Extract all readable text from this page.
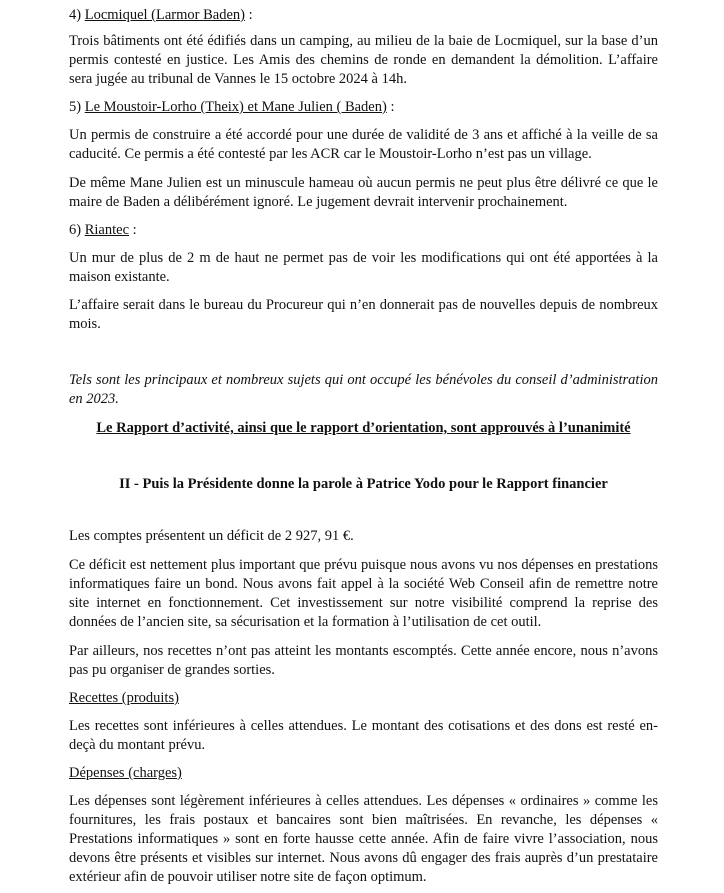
4) Locmiquel (Larmor Baden) :

Trois bâtiments ont été édifiés dans un camping, au milieu de la baie de Locmiquel, sur la base d’un permis contesté en justice. Les Amis des chemins de ronde en demandent la démolition. L’affaire sera jugée au tribunal de Vannes le 15 octobre 2024 à 14h.

5) Le Moustoir-Lorho (Theix) et Mane Julien ( Baden) :

Un permis de construire a été accordé pour une durée de validité de 3 ans et affiché à la veille de sa caducité. Ce permis a été contesté par les ACR car le Moustoir-Lorho n’est pas un village.

De même Mane Julien est un minuscule hameau où aucun permis ne peut plus être délivré ce que le maire de Baden a délibérément ignoré. Le jugement devrait intervenir prochainement.

6) Riantec :

Un mur de plus de 2 m de haut ne permet pas de voir les modifications qui ont été apportées à la maison existante.

L’affaire serait dans le bureau du Procureur qui n’en donnerait pas de nouvelles depuis de nombreux mois.

Tels sont les principaux et nombreux sujets qui ont occupé les bénévoles du conseil d’administration en 2023.

Le Rapport d’activité, ainsi que le rapport d’orientation, sont approuvés à l’unanimité
II - Puis la Présidente donne la parole à Patrice Yodo pour le Rapport financier

Les comptes présentent un déficit de 2 927, 91 €.

Ce déficit est nettement plus important que prévu puisque nous avons vu nos dépenses en prestations informatiques faire un bond. Nous avons fait appel à la société Web Conseil afin de remettre notre site internet en fonctionnement. Cet investissement sur notre visibilité comprend la reprise des données de l’ancien site, sa sécurisation et la formation à l’utilisation de cet outil.

Par ailleurs, nos recettes n’ont pas atteint les montants escomptés. Cette année encore, nous n’avons pas pu organiser de grandes sorties.

Recettes (produits)

Les recettes sont inférieures à celles attendues. Le montant des cotisations et des dons est resté en-deçà du montant prévu.

Dépenses (charges)

Les dépenses sont légèrement inférieures à celles attendues. Les dépenses « ordinaires » comme les fournitures, les frais postaux et bancaires sont bien maîtrisées. En revanche, les dépenses « Prestations informatiques » sont en forte hausse cette année. Afin de faire vivre l’association, nous devons être présents et visibles sur internet. Nous avons dû engager des frais auprès d’un prestataire extérieur afin de pouvoir utiliser notre site de façon optimum.
